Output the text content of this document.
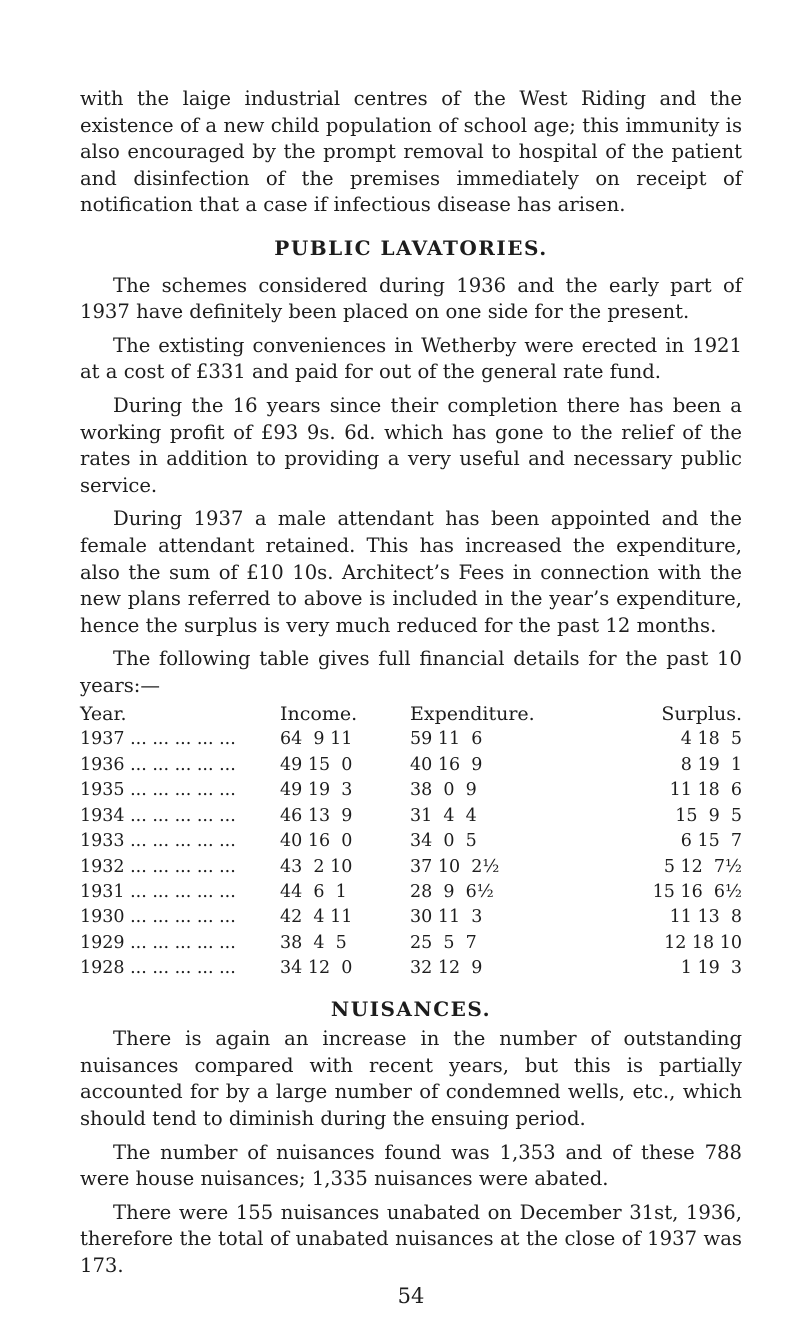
with the laige industrial centres of the West Riding and the existence of a new child population of school age; this immunity is also encouraged by the prompt removal to hospital of the patient and disinfection of the premises immediately on receipt of notification that a case if infectious disease has arisen.

PUBLIC LAVATORIES.

The schemes considered during 1936 and the early part of 1937 have definitely been placed on one side for the present.

The extisting conveniences in Wetherby were erected in 1921 at a cost of £331 and paid for out of the general rate fund.

During the 16 years since their completion there has been a working profit of £93 9s. 6d. which has gone to the relief of the rates in addition to providing a very useful and necessary public service.

During 1937 a male attendant has been appointed and the female attendant retained. This has increased the expenditure, also the sum of £10 10s. Architect’s Fees in connection with the new plans referred to above is included in the year’s expenditure, hence the surplus is very much reduced for the past 12 months.

The following table gives full financial details for the past 10 years:—

Year.	Income.	Expenditure.	Surplus.
1937 ... ... ... ... ...	64  9 11	59 11  6	4 18  5
1936 ... ... ... ... ...	49 15  0	40 16  9	8 19  1
1935 ... ... ... ... ...	49 19  3	38  0  9	11 18  6
1934 ... ... ... ... ...	46 13  9	31  4  4	15  9  5
1933 ... ... ... ... ...	40 16  0	34  0  5	6 15  7
1932 ... ... ... ... ...	43  2 10	37 10  2½	5 12  7½
1931 ... ... ... ... ...	44  6  1	28  9  6½	15 16  6½
1930 ... ... ... ... ...	42  4 11	30 11  3	11 13  8
1929 ... ... ... ... ...	38  4  5	25  5  7	12 18 10
1928 ... ... ... ... ...	34 12  0	32 12  9	1 19  3
NUISANCES.

There is again an increase in the number of outstanding nuisances compared with recent years, but this is partially accounted for by a large number of condemned wells, etc., which should tend to diminish during the ensuing period.

The number of nuisances found was 1,353 and of these 788 were house nuisances; 1,335 nuisances were abated.

There were 155 nuisances unabated on December 31st, 1936, therefore the total of unabated nuisances at the close of 1937 was 173.

54
